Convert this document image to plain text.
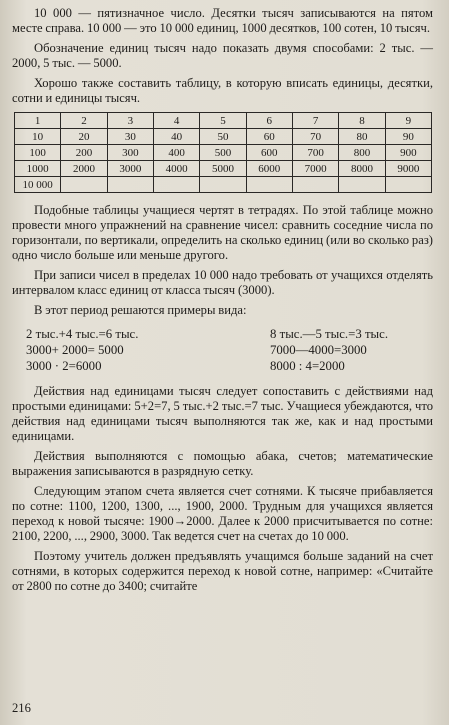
10 000 — пятизначное число. Десятки тысяч записываются на пятом месте справа. 10 000 — это 10 000 единиц, 1000 десятков, 100 сотен, 10 тысяч.

Обозначение единиц тысяч надо показать двумя способами: 2 тыс. — 2000, 5 тыс. — 5000.

Хорошо также составить таблицу, в которую вписать единицы, десятки, сотни и единицы тысяч.

1	2	3	4	5	6	7	8	9
10	20	30	40	50	60	70	80	90
100	200	300	400	500	600	700	800	900
1000	2000	3000	4000	5000	6000	7000	8000	9000
10 000								

Подобные таблицы учащиеся чертят в тетрадях. По этой таблице можно провести много упражнений на сравнение чисел: сравнить соседние числа по горизонтали, по вертикали, определить на сколько единиц (или во сколько раз) одно число больше или меньше другого.

При записи чисел в пределах 10 000 надо требовать от учащихся отделять интервалом класс единиц от класса тысяч (3000).

В этот период решаются примеры вида:

2 тыс.+4 тыс.=6 тыс.
3000+ 2000= 5000
3000 · 2=6000
8 тыс.—5 тыс.=3 тыс.
7000—4000=3000
8000 : 4=2000

Действия над единицами тысяч следует сопоставить с действиями над простыми единицами: 5+2=7, 5 тыс.+2 тыс.=7 тыс. Учащиеся убеждаются, что действия над единицами тысяч выполняются так же, как и над простыми единицами.

Действия выполняются с помощью абака, счетов; математические выражения записываются в разрядную сетку.

Следующим этапом счета является счет сотнями. К тысяче прибавляется по сотне: 1100, 1200, 1300, ..., 1900, 2000. Трудным для учащихся является переход к новой тысяче: 1900→2000. Далее к 2000 присчитывается по сотне: 2100, 2200, ..., 2900, 3000. Так ведется счет на счетах до 10 000.

Поэтому учитель должен предъявлять учащимся больше заданий на счет сотнями, в которых содержится переход к новой сотне, например: «Считайте от 2800 по сотне до 3400; считайте

216
